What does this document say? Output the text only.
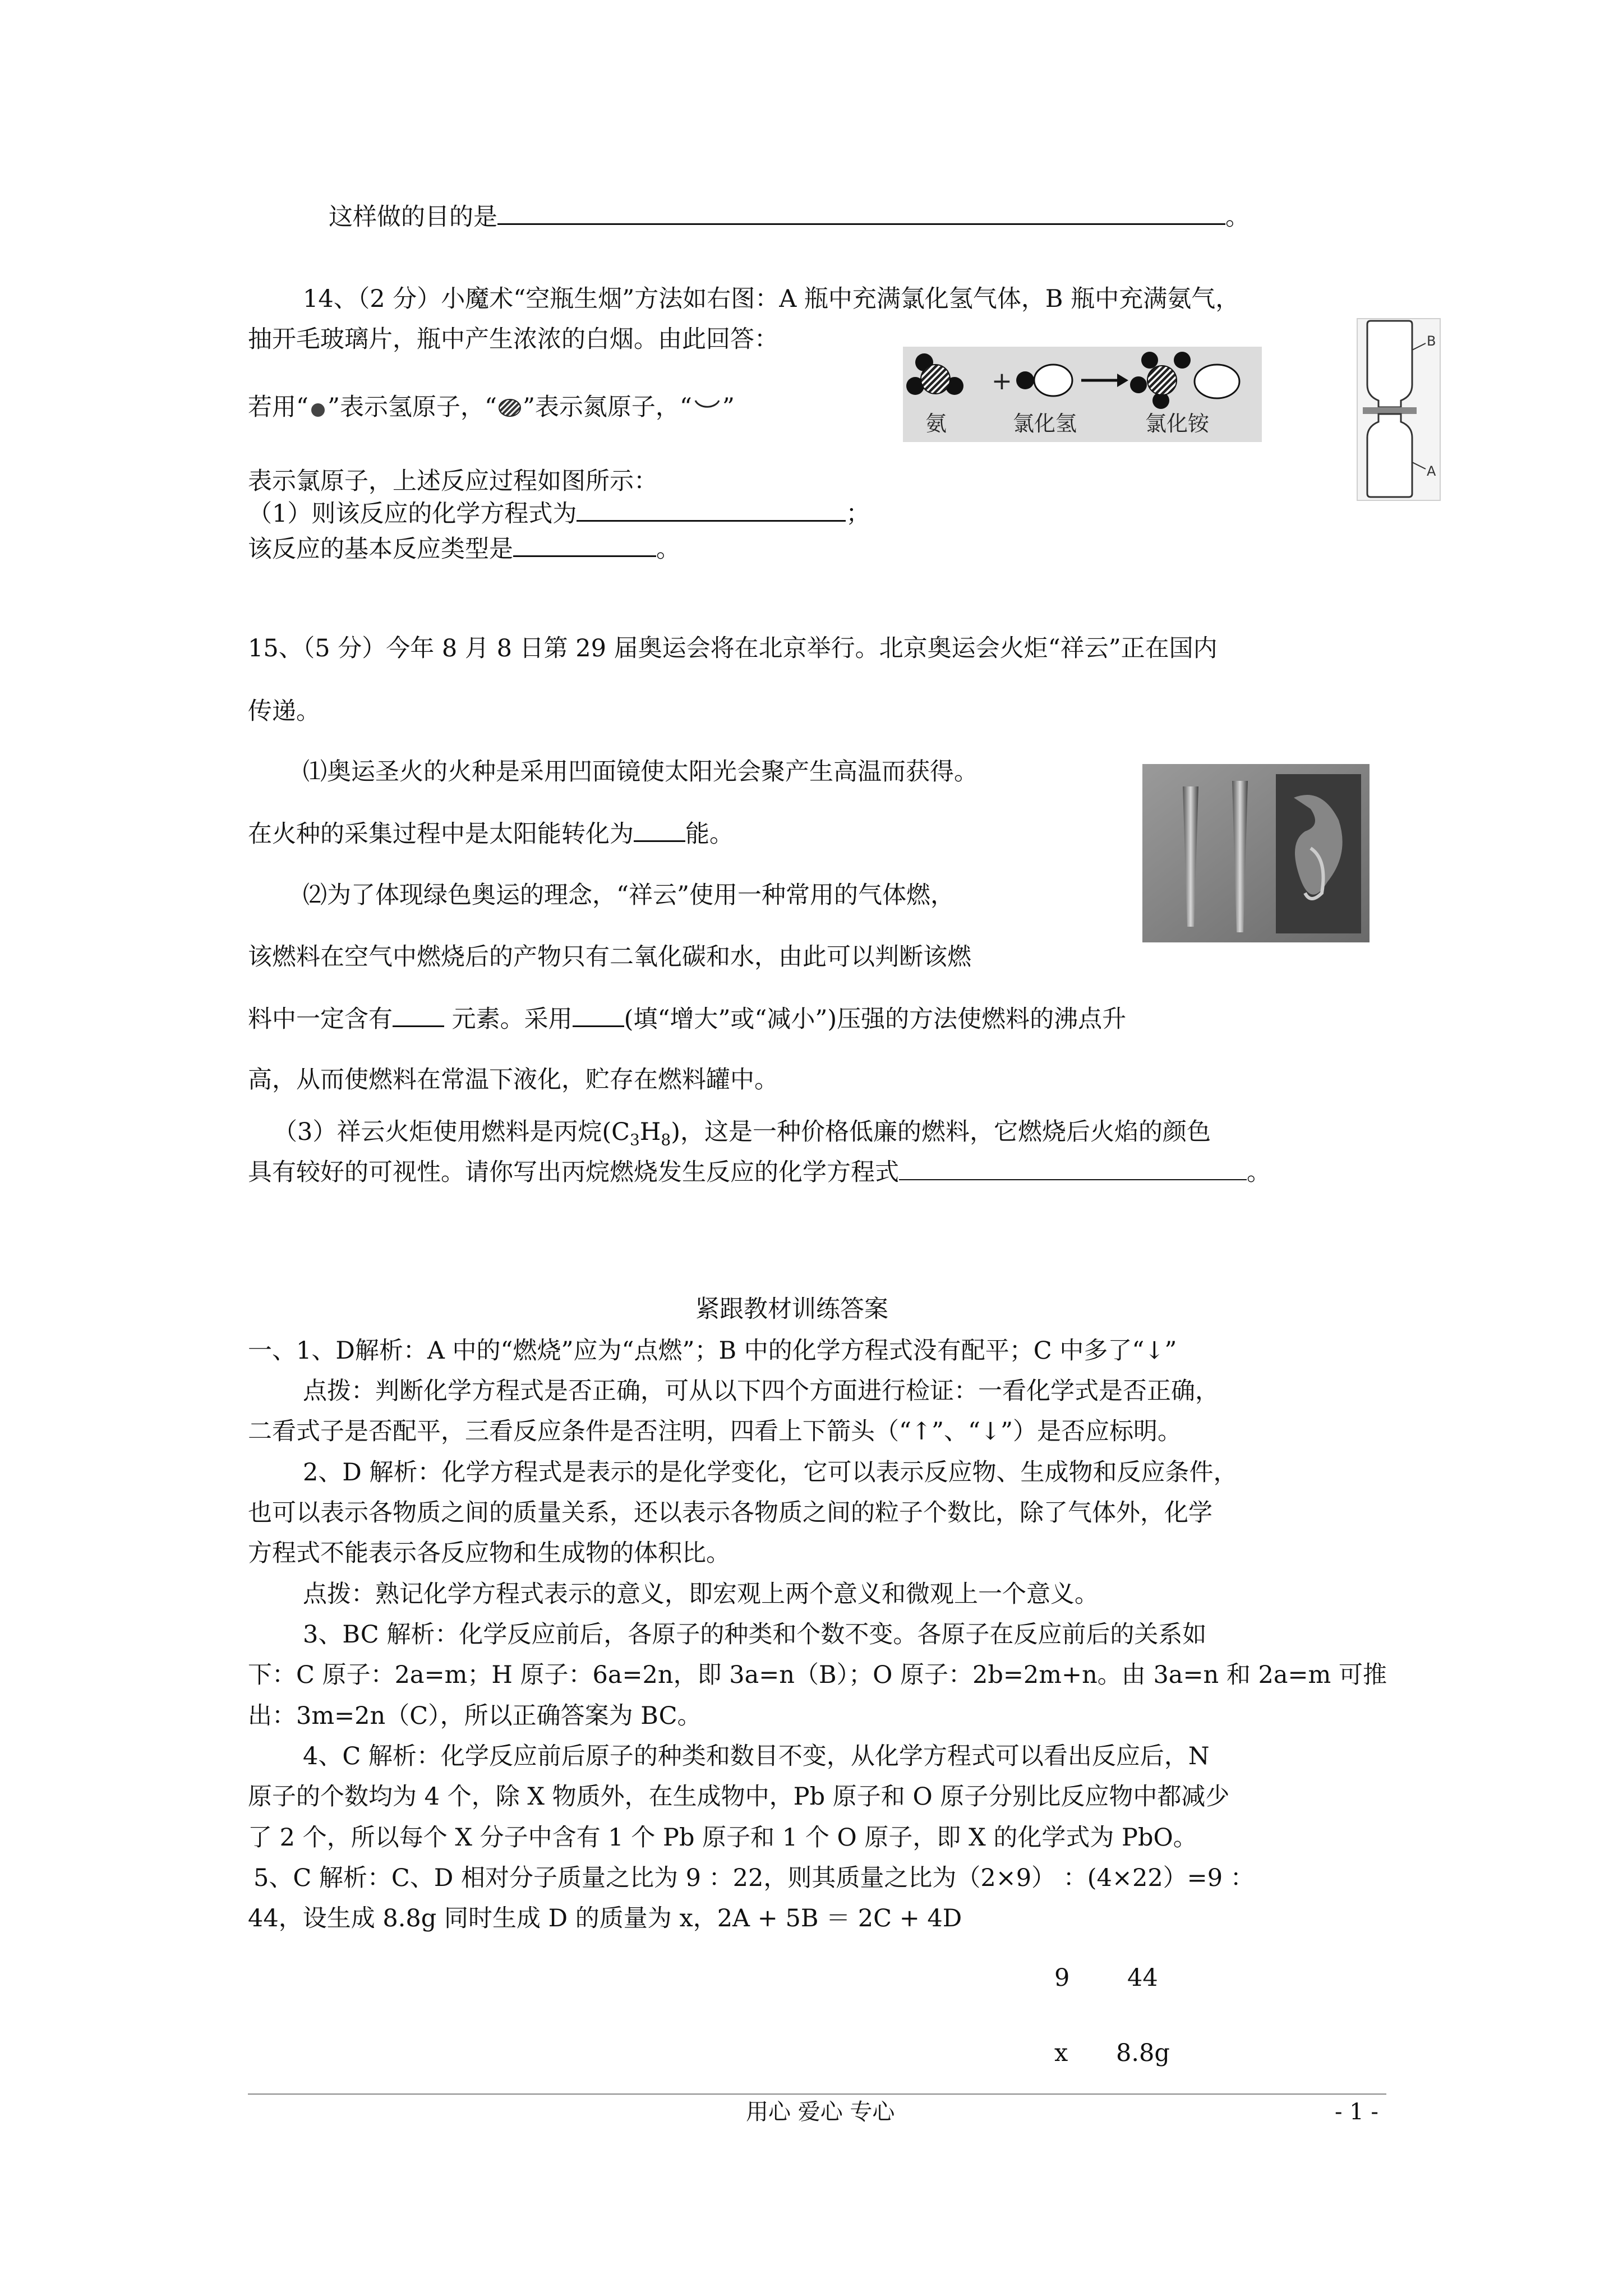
这样做的目的是	。

14、（2 分）小魔术“空瓶生烟”方法如右图：A 瓶中充满氯化氢气体，B 瓶中充满氨气，

抽开毛玻璃片，瓶中产生浓浓的白烟。由此回答：

若用“ ”表示氢原子，“ ”表示氮原子，“ ”

表示氯原子，上述反应过程如图所示：

（1）则该反应的化学方程式为	；

该反应的基本反应类型是	。

+
氨	氯化氢	氯化铵
B
A

15、（5 分）今年 8 月 8 日第 29 届奥运会将在北京举行。北京奥运会火炬“祥云”正在国内

传递。

⑴奥运圣火的火种是采用凹面镜使太阳光会聚产生高温而获得。

在火种的采集过程中是太阳能转化为 能。

⑵为了体现绿色奥运的理念，“祥云”使用一种常用的气体燃，

该燃料在空气中燃烧后的产物只有二氧化碳和水，由此可以判断该燃

料中一定含有 元素。采用 (填“增大”或“减小”)压强的方法使燃料的沸点升

高，从而使燃料在常温下液化，贮存在燃料罐中。

（3）祥云火炬使用燃料是丙烷$(C_3H_8)$，这是一种价格低廉的燃料，它燃烧后火焰的颜色

具有较好的可视性。请你写出丙烷燃烧发生反应的化学方程式	。

紧跟教材训练答案

一、1、D解析：A 中的“燃烧”应为“点燃”；B 中的化学方程式没有配平；C 中多了“↓”

点拨：判断化学方程式是否正确，可从以下四个方面进行检证：一看化学式是否正确，

二看式子是否配平，三看反应条件是否注明，四看上下箭头（“↑”、“↓”）是否应标明。

2、D 解析：化学方程式是表示的是化学变化，它可以表示反应物、生成物和反应条件，

也可以表示各物质之间的质量关系，还以表示各物质之间的粒子个数比，除了气体外，化学

方程式不能表示各反应物和生成物的体积比。

点拨：熟记化学方程式表示的意义，即宏观上两个意义和微观上一个意义。

3、BC 解析：化学反应前后，各原子的种类和个数不变。各原子在反应前后的关系如

下：C 原子：2a=m；H 原子：6a=2n，即 3a=n（B）；O 原子：2b=2m+n。由 3a=n 和 2a=m 可推

出：3m=2n（C），所以正确答案为 BC。

4、C 解析：化学反应前后原子的种类和数目不变，从化学方程式可以看出反应后，N

原子的个数均为 4 个，除 X 物质外，在生成物中，Pb 原子和 O 原子分别比反应物中都减少

了 2 个，所以每个 X 分子中含有 1 个 Pb 原子和 1 个 O 原子，即 X 的化学式为 PbO。

5、C 解析：C、D 相对分子质量之比为 9 ：22，则其质量之比为（2×9） ：(4×22）=9 ：

44，设生成 8.8g 同时生成 D 的质量为 x，2A + 5B ＝ 2C + 4D

9 44

x 8.8g

用心 爱心 专心	- 1 -
